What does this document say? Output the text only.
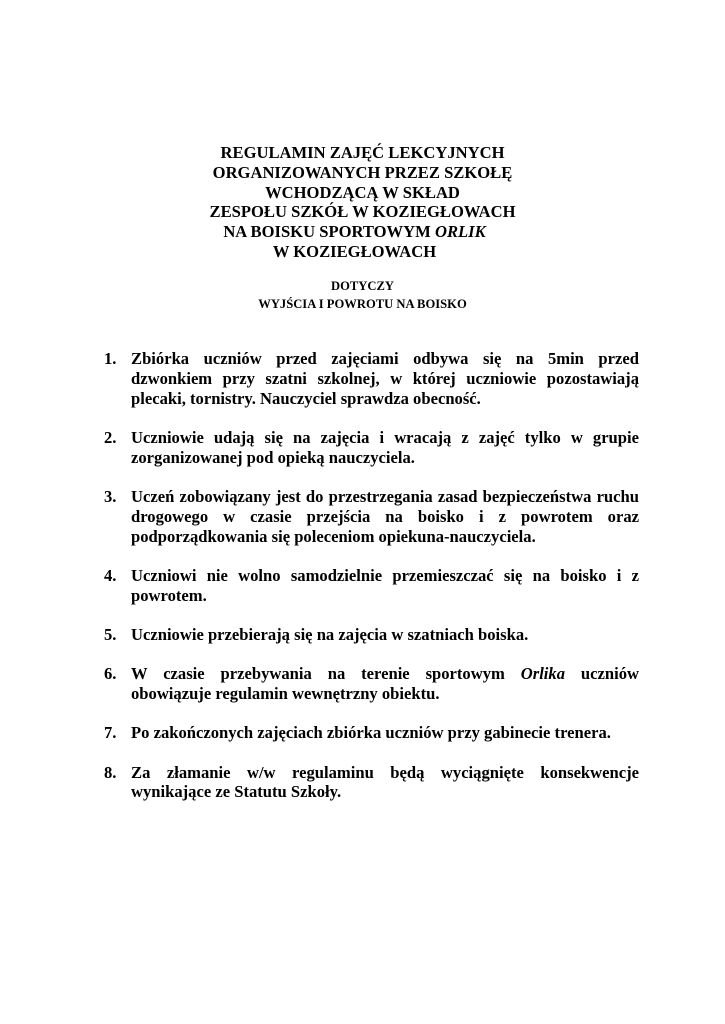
REGULAMIN ZAJĘĆ LEKCYJNYCH
ORGANIZOWANYCH PRZEZ SZKOŁĘ
WCHODZĄCĄ W SKŁAD
ZESPOŁU SZKÓŁ W KOZIEGŁOWACH
NA BOISKU SPORTOWYM ORLIK
W KOZIEGŁOWACH
DOTYCZY
WYJŚCIA I POWROTU NA BOISKO
1. Zbiórka uczniów przed zajęciami odbywa się na 5min przed dzwonkiem przy szatni szkolnej, w której uczniowie pozostawiają plecaki, tornistry. Nauczyciel sprawdza obecność.
2. Uczniowie udają się na zajęcia i wracają z zajęć tylko w grupie zorganizowanej pod opieką nauczyciela.
3. Uczeń zobowiązany jest do przestrzegania zasad bezpieczeństwa ruchu drogowego w czasie przejścia na boisko i z powrotem oraz podporządkowania się poleceniom opiekuna-nauczyciela.
4. Uczniowi nie wolno samodzielnie przemieszczać się na boisko i z powrotem.
5. Uczniowie przebierają się na zajęcia w szatniach boiska.
6. W czasie przebywania na terenie sportowym Orlika uczniów obowiązuje regulamin wewnętrzny obiektu.
7. Po zakończonych zajęciach zbiórka uczniów przy gabinecie trenera.
8. Za złamanie w/w regulaminu będą wyciągnięte konsekwencje wynikające ze Statutu Szkoły.
